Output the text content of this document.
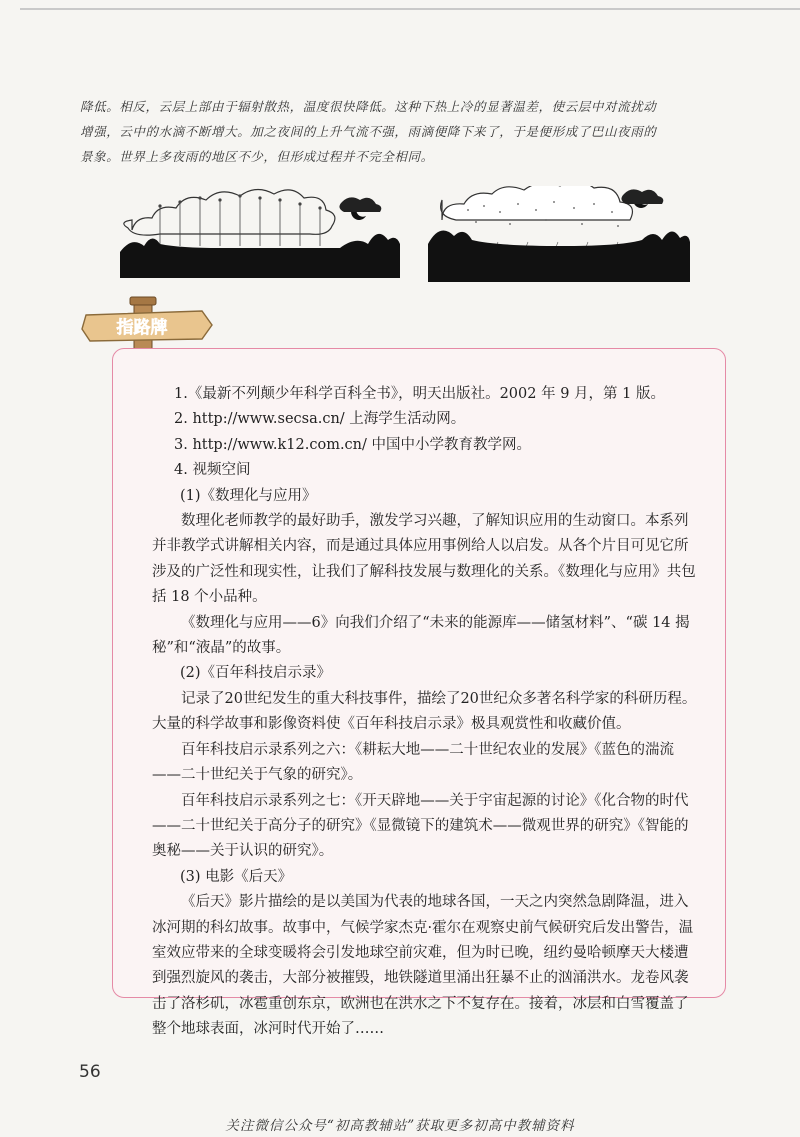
降低。相反，云层上部由于辐射散热，温度很快降低。这种下热上冷的显著温差，使云层中对流扰动

增强，云中的水滴不断增大。加之夜间的上升气流不强，雨滴便降下来了，于是便形成了巴山夜雨的

景象。世界上多夜雨的地区不少，但形成过程并不完全相同。

指路牌

1.《最新不列颠少年科学百科全书》，明天出版社。2002 年 9 月，第 1 版。

2. http://www.secsa.cn/ 上海学生活动网。

3. http://www.k12.com.cn/ 中国中小学教育教学网。

4. 视频空间

(1)《数理化与应用》

数理化老师教学的最好助手，激发学习兴趣，了解知识应用的生动窗口。本系列并非教学式讲解相关内容，而是通过具体应用事例给人以启发。从各个片目可见它所涉及的广泛性和现实性，让我们了解科技发展与数理化的关系。《数理化与应用》共包括 18 个小品种。

《数理化与应用——6》向我们介绍了“未来的能源库——储氢材料”、“碳 14 揭秘”和“液晶”的故事。

(2)《百年科技启示录》

记录了20世纪发生的重大科技事件，描绘了20世纪众多著名科学家的科研历程。大量的科学故事和影像资料使《百年科技启示录》极具观赏性和收藏价值。

百年科技启示录系列之六：《耕耘大地——二十世纪农业的发展》《蓝色的湍流——二十世纪关于气象的研究》。

百年科技启示录系列之七：《开天辟地——关于宇宙起源的讨论》《化合物的时代——二十世纪关于高分子的研究》《显微镜下的建筑术——微观世界的研究》《智能的奥秘——关于认识的研究》。

(3) 电影《后天》

《后天》影片描绘的是以美国为代表的地球各国，一天之内突然急剧降温，进入冰河期的科幻故事。故事中，气候学家杰克·霍尔在观察史前气候研究后发出警告，温室效应带来的全球变暖将会引发地球空前灾难，但为时已晚，纽约曼哈顿摩天大楼遭到强烈旋风的袭击，大部分被摧毁，地铁隧道里涌出狂暴不止的汹涌洪水。龙卷风袭击了洛杉矶，冰雹重创东京，欧洲也在洪水之下不复存在。接着，冰层和白雪覆盖了整个地球表面，冰河时代开始了……

56
关注微信公众号“初高教辅站”获取更多初高中教辅资料
